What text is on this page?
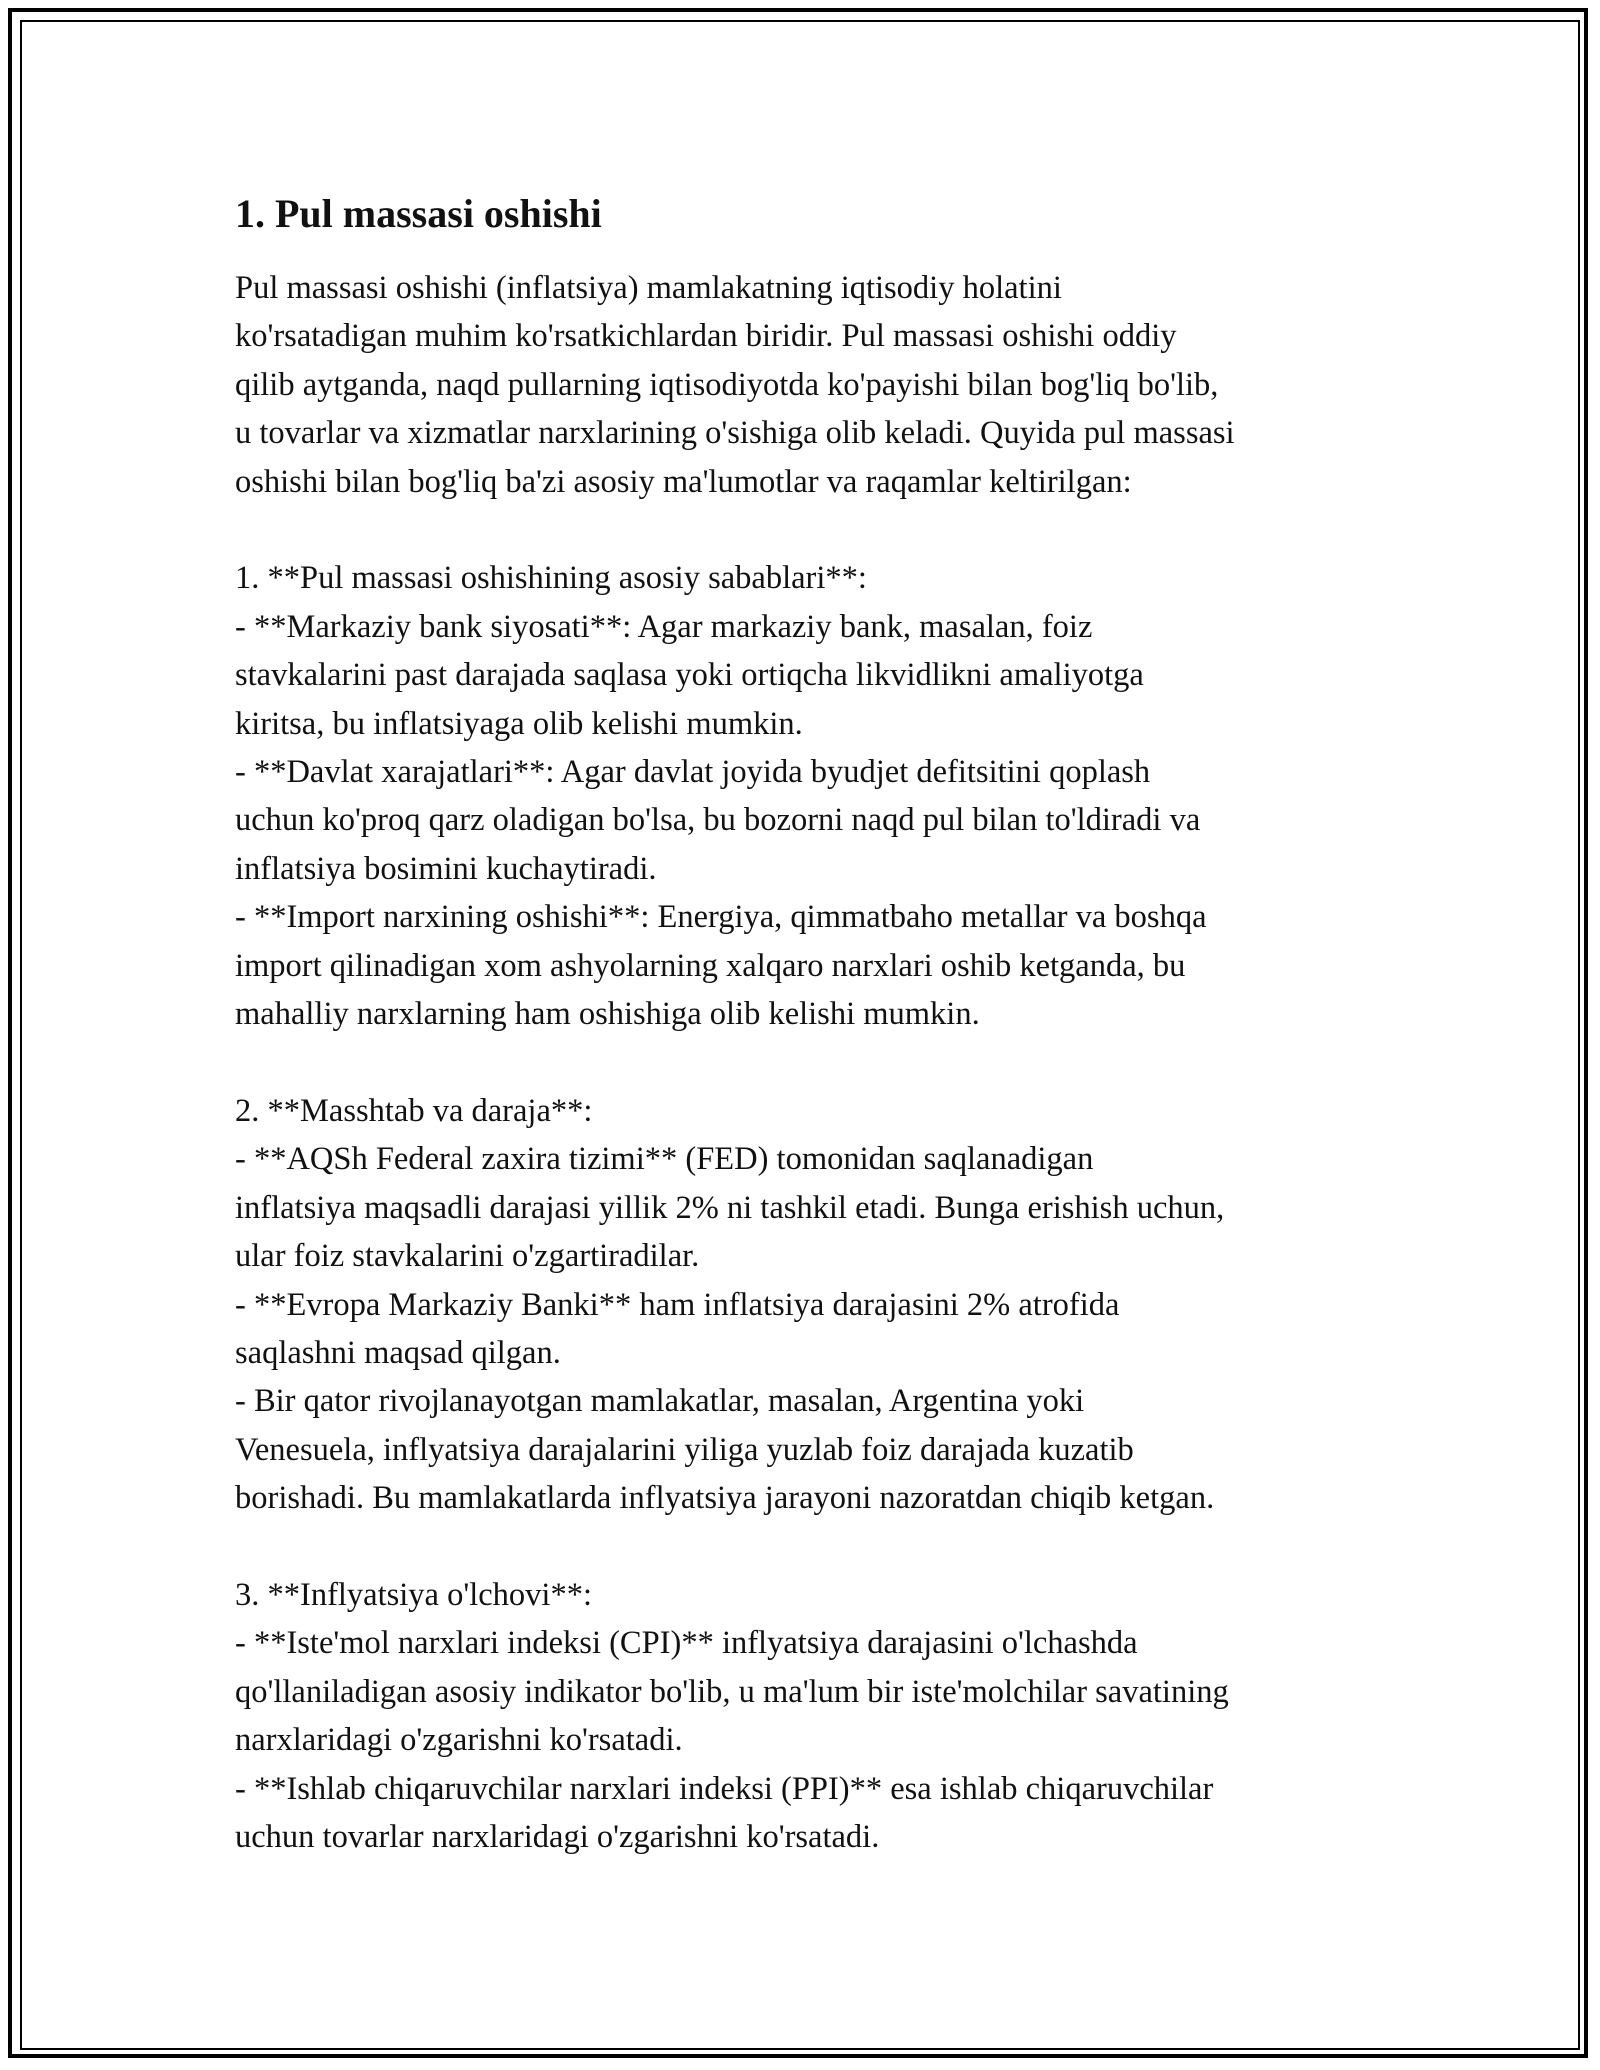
1. Pul massasi oshishi

Pul massasi oshishi (inflatsiya) mamlakatning iqtisodiy holatini
ko'rsatadigan muhim ko'rsatkichlardan biridir. Pul massasi oshishi oddiy
qilib aytganda, naqd pullarning iqtisodiyotda ko'payishi bilan bog'liq bo'lib,
u tovarlar va xizmatlar narxlarining o'sishiga olib keladi. Quyida pul massasi
oshishi bilan bog'liq ba'zi asosiy ma'lumotlar va raqamlar keltirilgan:

1. **Pul massasi oshishining asosiy sabablari**:
- **Markaziy bank siyosati**: Agar markaziy bank, masalan, foiz
stavkalarini past darajada saqlasa yoki ortiqcha likvidlikni amaliyotga
kiritsa, bu inflatsiyaga olib kelishi mumkin.
- **Davlat xarajatlari**: Agar davlat joyida byudjet defitsitini qoplash
uchun ko'proq qarz oladigan bo'lsa, bu bozorni naqd pul bilan to'ldiradi va
inflatsiya bosimini kuchaytiradi.
- **Import narxining oshishi**: Energiya, qimmatbaho metallar va boshqa
import qilinadigan xom ashyolarning xalqaro narxlari oshib ketganda, bu
mahalliy narxlarning ham oshishiga olib kelishi mumkin.

2. **Masshtab va daraja**:
- **AQSh Federal zaxira tizimi** (FED) tomonidan saqlanadigan
inflatsiya maqsadli darajasi yillik 2% ni tashkil etadi. Bunga erishish uchun,
ular foiz stavkalarini o'zgartiradilar.
- **Evropa Markaziy Banki** ham inflatsiya darajasini 2% atrofida
saqlashni maqsad qilgan.
- Bir qator rivojlanayotgan mamlakatlar, masalan, Argentina yoki
Venesuela, inflyatsiya darajalarini yiliga yuzlab foiz darajada kuzatib
borishadi. Bu mamlakatlarda inflyatsiya jarayoni nazoratdan chiqib ketgan.

3. **Inflyatsiya o'lchovi**:
- **Iste'mol narxlari indeksi (CPI)** inflyatsiya darajasini o'lchashda
qo'llaniladigan asosiy indikator bo'lib, u ma'lum bir iste'molchilar savatining
narxlaridagi o'zgarishni ko'rsatadi.
- **Ishlab chiqaruvchilar narxlari indeksi (PPI)** esa ishlab chiqaruvchilar
uchun tovarlar narxlaridagi o'zgarishni ko'rsatadi.
